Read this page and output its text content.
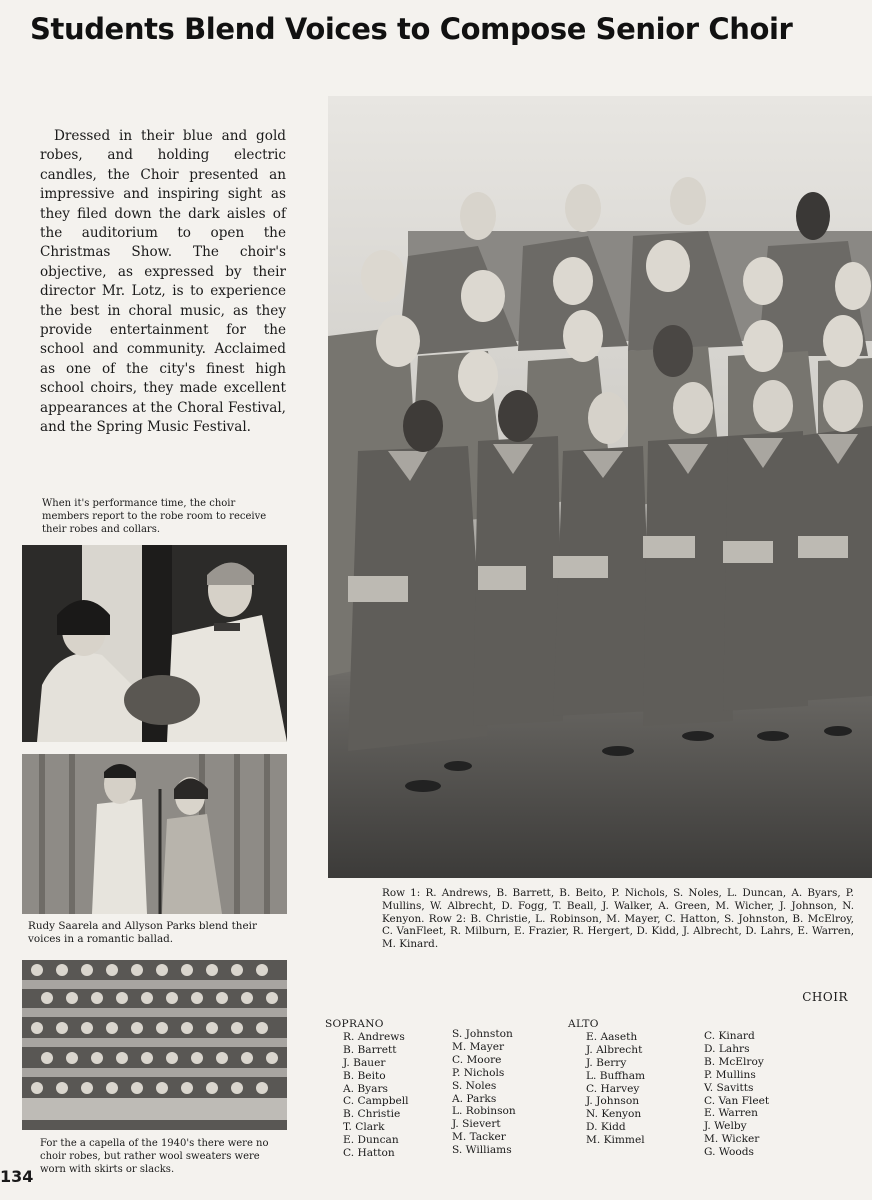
Students Blend Voices to Compose Senior Choir

Dressed in their blue and gold robes, and holding electric candles, the Choir presented an impressive and inspiring sight as they filed down the dark aisles of the auditorium to open the Christmas Show. The choir's objective, as expressed by their director Mr. Lotz, is to experience the best in choral music, as they provide entertainment for the school and community. Acclaimed as one of the city's finest high school choirs, they made excellent appearances at the Choral Festival, and the Spring Music Festival.

When it's performance time, the choir members report to the robe room to receive their robes and collars.

Rudy Saarela and Allyson Parks blend their voices in a romantic ballad.

For the a capella of the 1940's there were no choir robes, but rather wool sweaters were worn with skirts or slacks.

Row 1: R. Andrews, B. Barrett, B. Beito, P. Nichols, S. Noles, L. Duncan, A. Byars, P. Mullins, W. Albrecht, D. Fogg, T. Beall, J. Walker, A. Green, M. Wicher, J. Johnson, N. Kenyon. Row 2: B. Christie, L. Robinson, M. Mayer, C. Hatton, S. Johnston, B. McElroy, C. VanFleet, R. Milburn, E. Frazier, R. Hergert, D. Kidd, J. Albrecht, D. Lahrs, E. Warren, M. Kinard.

CHOIR
SOPRANO
R. Andrews
B. Barrett
J. Bauer
B. Beito
A. Byars
C. Campbell
B. Christie
T. Clark
E. Duncan
C. Hatton
S. Johnston
M. Mayer
C. Moore
P. Nichols
S. Noles
A. Parks
L. Robinson
J. Sievert
M. Tacker
S. Williams
ALTO
E. Aaseth
J. Albrecht
J. Berry
L. Buffham
C. Harvey
J. Johnson
N. Kenyon
D. Kidd
M. Kimmel
C. Kinard
D. Lahrs
B. McElroy
P. Mullins
V. Savitts
C. Van Fleet
E. Warren
J. Welby
M. Wicker
G. Woods
134
